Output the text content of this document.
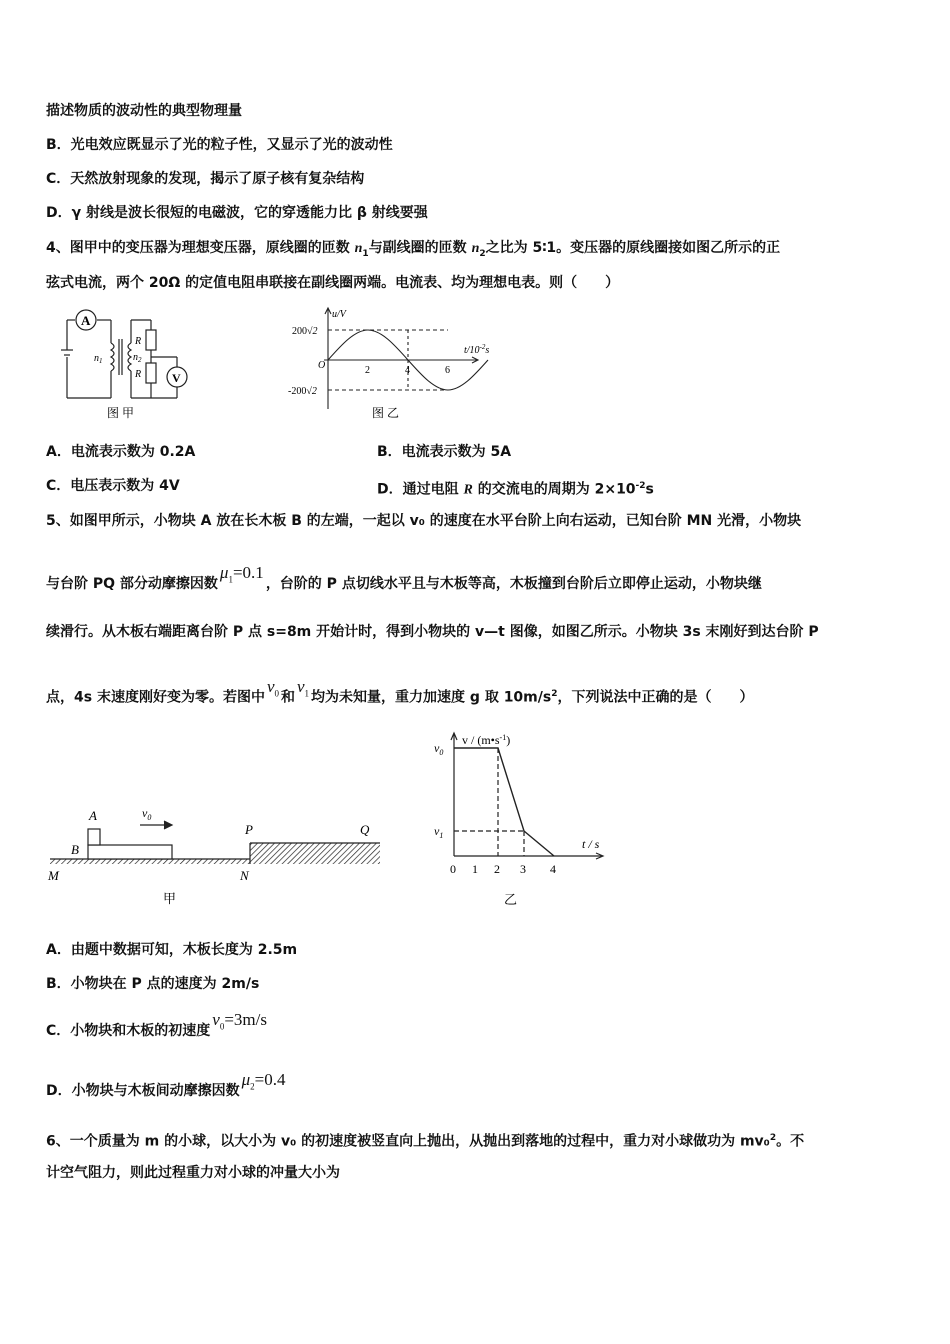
描述物质的波动性的典型物理量
B．光电效应既显示了光的粒子性，又显示了光的波动性
C．天然放射现象的发现，揭示了原子核有复杂结构
D．γ 射线是波长很短的电磁波，它的穿透能力比 β 射线要强
4、图甲中的变压器为理想变压器，原线圈的匝数 $n_1$与副线圈的匝数 $n_2$之比为 5∶1。变压器的原线圈接如图乙所示的正
弦式电流，两个 20Ω 的定值电阻串联接在副线圈两端。电流表、均为理想电表。则（　　）
A
V
$n_1$	$n_2$
R
R
图 甲
u/V
$t/10^{-2}s$
200√2
-200√2
O	2	4	6
图 乙
A．电流表示数为 0.2A	B．电流表示数为 5A
C．电压表示数为 4V	D．通过电阻 R 的交流电的周期为 $2\times 10^{-2}s$
5、如图甲所示，小物块 A 放在长木板 B 的左端，一起以 v₀ 的速度在水平台阶上向右运动，已知台阶 MN 光滑，小物块
与台阶 PQ 部分动摩擦因数$\mu_1=0.1$，台阶的 P 点切线水平且与木板等高，木板撞到台阶后立即停止运动，小物块继
续滑行。从木板右端距离台阶 P 点 s=8m 开始计时，得到小物块的 v—t 图像，如图乙所示。小物块 3s 末刚好到达台阶 P
点，4s 末速度刚好变为零。若图中$v_0$ 和$v_1$ 均为未知量，重力加速度 g 取 $10m/s^2$，下列说法中正确的是（　　）
A
B
M	N
P	Q
$v_0$
甲
v / $(m•s^{-1})$
t / s
$v_0$
$v_1$
0 1 2 3 4
乙
A．由题中数据可知，木板长度为 2.5m
B．小物块在 P 点的速度为 2m/s
C．小物块和木板的初速度$v_0=3m/s$
D．小物块与木板间动摩擦因数$\mu_2=0.4$
6、一个质量为 m 的小球，以大小为 v₀ 的初速度被竖直向上抛出，从抛出到落地的过程中，重力对小球做功为 mv₀$^2$。不
计空气阻力，则此过程重力对小球的冲量大小为
